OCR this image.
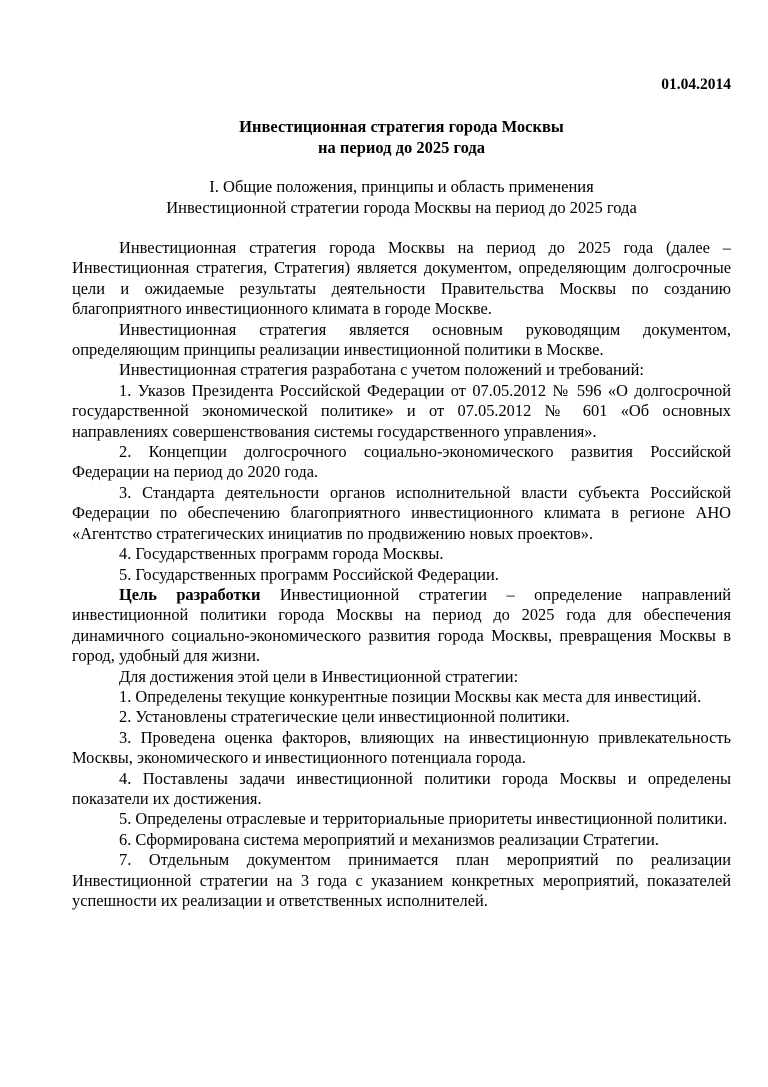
01.04.2014
Инвестиционная стратегия города Москвы
на период до 2025 года
I. Общие положения, принципы и область применения
Инвестиционной стратегии города Москвы на период до 2025 года

Инвестиционная стратегия города Москвы на период до 2025 года (далее – Инвестиционная стратегия, Стратегия) является документом, определяющим долгосрочные цели и ожидаемые результаты деятельности Правительства Москвы по созданию благоприятного инвестиционного климата в городе Москве.

Инвестиционная стратегия является основным руководящим документом, определяющим принципы реализации инвестиционной политики в Москве.

Инвестиционная стратегия разработана с учетом положений и требований:

1. Указов Президента Российской Федерации от 07.05.2012 № 596 «О долгосрочной государственной экономической политике» и от 07.05.2012 № 601 «Об основных направлениях совершенствования системы государственного управления».

2. Концепции долгосрочного социально-экономического развития Российской Федерации на период до 2020 года.

3. Стандарта деятельности органов исполнительной власти субъекта Российской Федерации по обеспечению благоприятного инвестиционного климата в регионе АНО «Агентство стратегических инициатив по продвижению новых проектов».

4. Государственных программ города Москвы.

5. Государственных программ Российской Федерации.

Цель разработки Инвестиционной стратегии – определение направлений инвестиционной политики города Москвы на период до 2025 года для обеспечения динамичного социально-экономического развития города Москвы, превращения Москвы в город, удобный для жизни.

Для достижения этой цели в Инвестиционной стратегии:

1. Определены текущие конкурентные позиции Москвы как места для инвестиций.

2. Установлены стратегические цели инвестиционной политики.

3. Проведена оценка факторов, влияющих на инвестиционную привлекательность Москвы, экономического и инвестиционного потенциала города.

4. Поставлены задачи инвестиционной политики города Москвы и определены показатели их достижения.

5. Определены отраслевые и территориальные приоритеты инвестиционной политики.

6. Сформирована система мероприятий и механизмов реализации Стратегии.

7. Отдельным документом принимается план мероприятий по реализации Инвестиционной стратегии на 3 года с указанием конкретных мероприятий, показателей успешности их реализации и ответственных исполнителей.
